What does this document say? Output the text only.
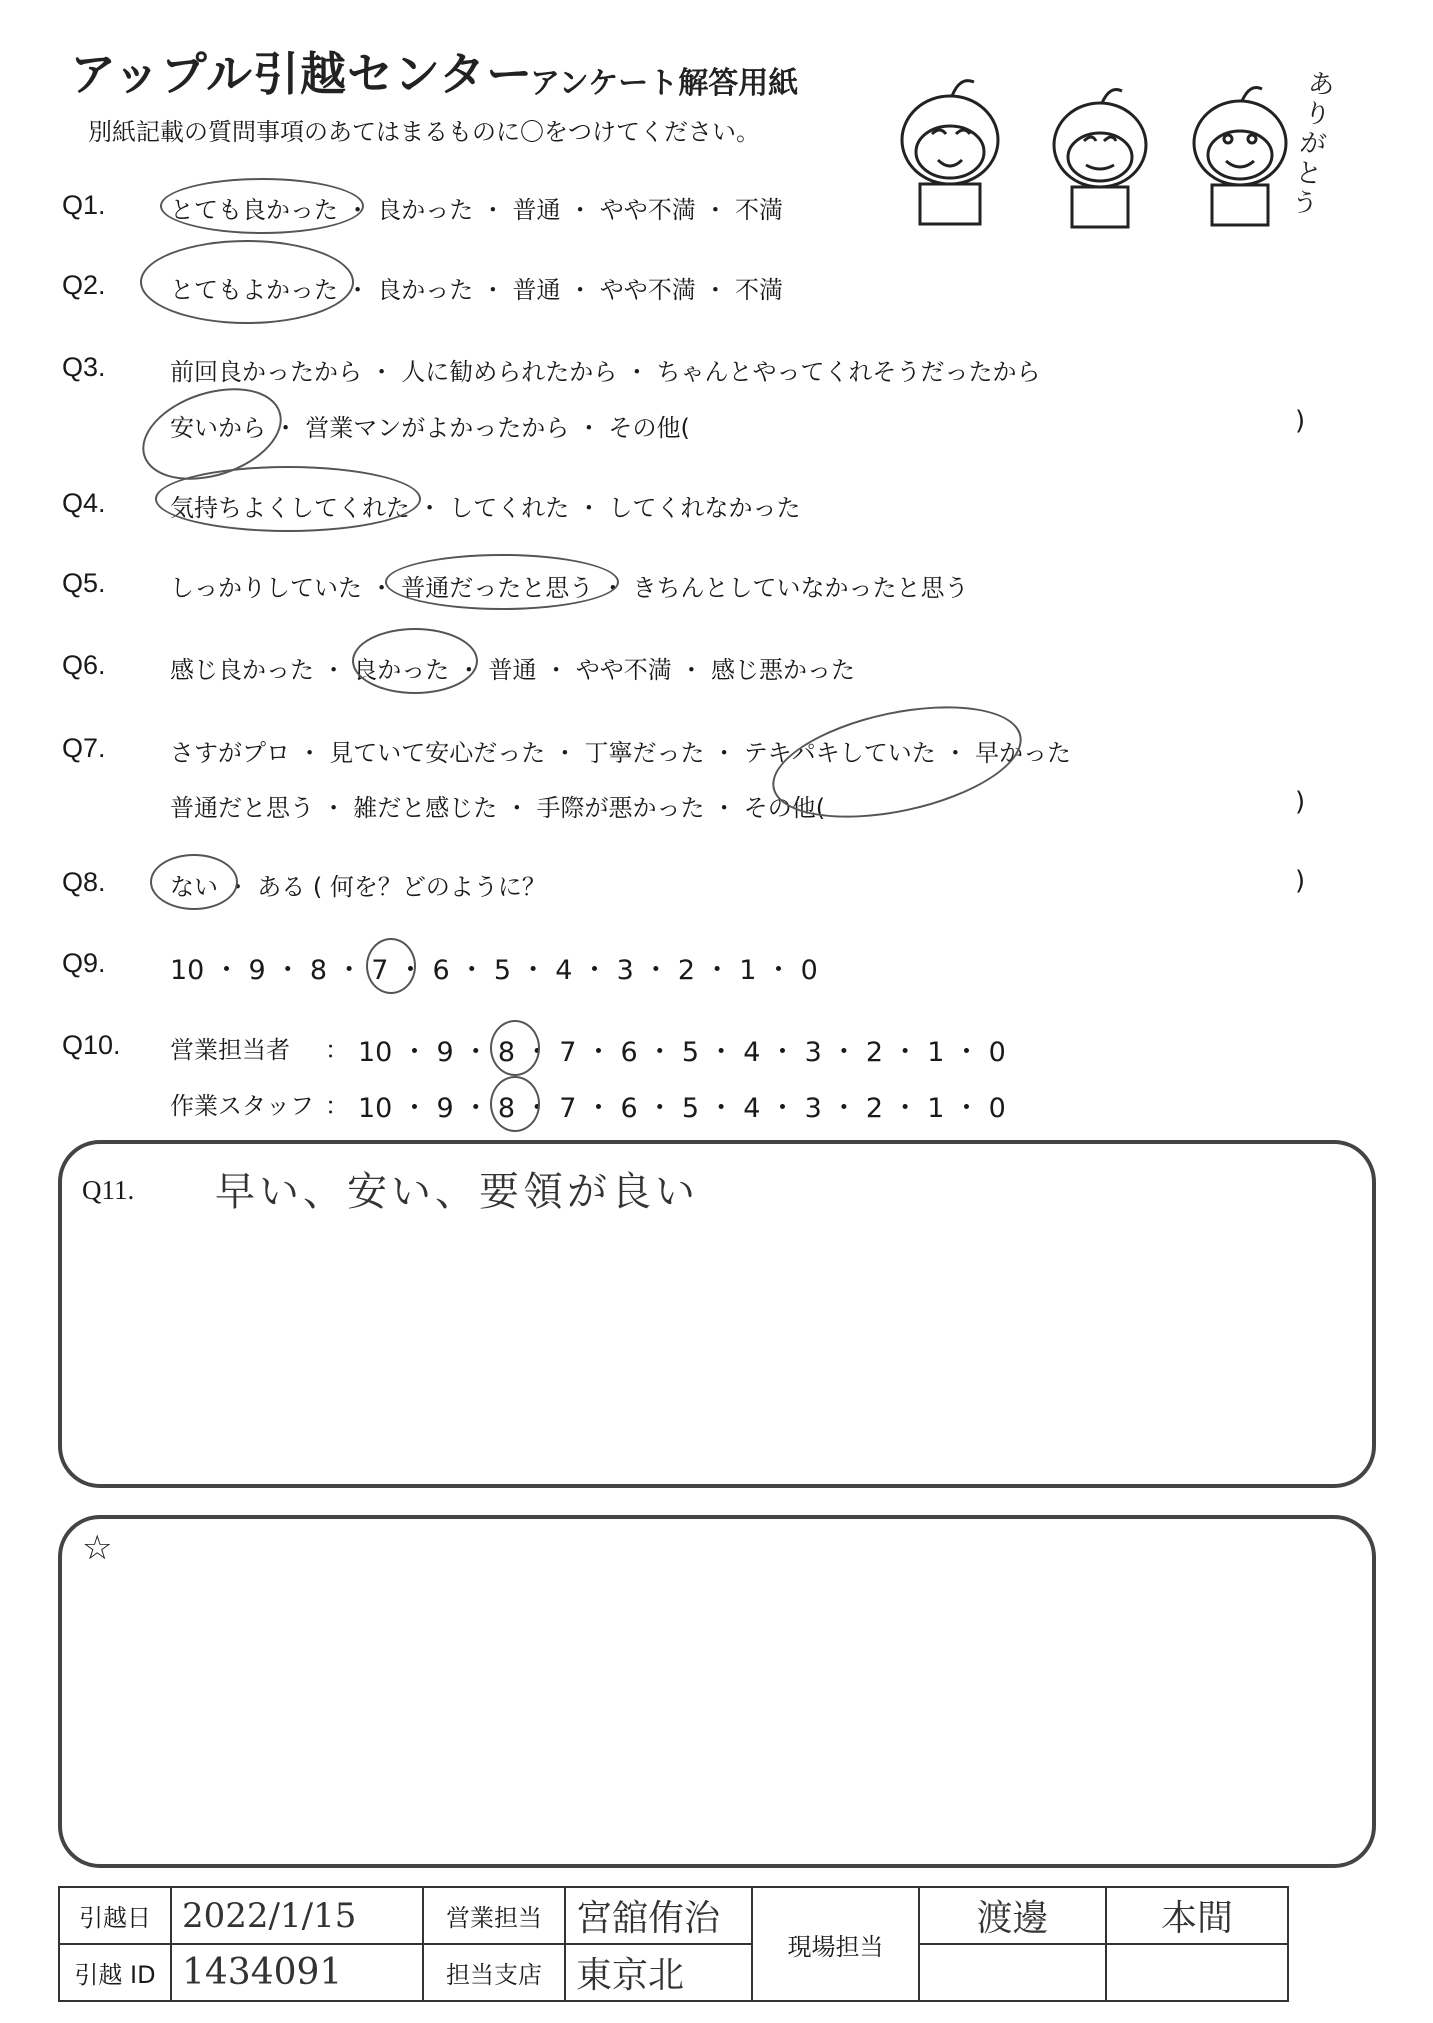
アップル引越センター
アンケート解答用紙
別紙記載の質問事項のあてはまるものに〇をつけてください。
ありがとう
Q1.	とても良かった ・ 良かった ・ 普通 ・ やや不満 ・ 不満
Q2.	とてもよかった ・ 良かった ・ 普通 ・ やや不満 ・ 不満
Q3.	前回良かったから ・ 人に勧められたから ・ ちゃんとやってくれそうだったから
安いから ・ 営業マンがよかったから ・ その他(	)
Q4.	気持ちよくしてくれた ・ してくれた ・ してくれなかった
Q5.	しっかりしていた ・ 普通だったと思う ・ きちんとしていなかったと思う
Q6.	感じ良かった ・ 良かった ・ 普通 ・ やや不満 ・ 感じ悪かった
Q7.	さすがプロ ・ 見ていて安心だった ・ 丁寧だった ・ テキパキしていた ・ 早かった
普通だと思う ・ 雑だと感じた ・ 手際が悪かった ・ その他(	)
Q8.	ない ・ ある ( 何を？どのように？	)
Q9. 10 ・ 9 ・ 8 ・ 7 ・ 6 ・ 5 ・ 4 ・ 3 ・ 2 ・ 1 ・ 0
Q10. 営業担当者 ： 10 ・ 9 ・ 8 ・ 7 ・ 6 ・ 5 ・ 4 ・ 3 ・ 2 ・ 1 ・ 0
作業スタッフ ： 10 ・ 9 ・ 8 ・ 7 ・ 6 ・ 5 ・ 4 ・ 3 ・ 2 ・ 1 ・ 0
Q11. 早い、安い、要領が良い
☆
引越日	2022/1/15	営業担当	宮舘侑治	現場担当	渡邊	本間
引越 ID	1434091	担当支店	東京北			
